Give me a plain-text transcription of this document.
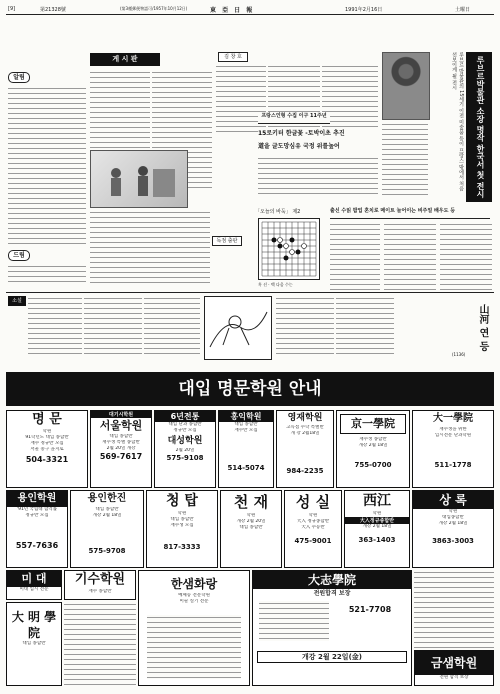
[9]	第21328號	(第3種郵便物認可/1957年10月12日)	東 亞 日 報	1991年2月16日	土曜日
알림
드림
게 시 판	김 창 호
프랑스인형 수집 이구 11주년
15로키터 한글꽃 -토박이초 추진
道을 글도망심유 국정 위를높어	루브르 박물관의 15세기 이전 미술품 등이 프랑스 밖에서 처음 선보이게 될 전시	루브르박물관 소장 명작 한국서 첫 전시
「오늘의 바둑」 제2
흑 선 · 백 다음 수는
출신 수읽 팝업 혼치로 메이트 늘어이는 비주얼 배우도 등
독점 출판
소설
山河 연 등
(1136)
대입 명문학원 안내
명 문
학원
91학년도 대입 종합반
재수 정규반 모집
서울 중구 을지로
504-3321
대기시학원
서울학원
대입 종합반
재수생 특별 종합반
2월 20일 개강
569-7617
6년전통
대입 단과 종합반
정규반 모집
대성학원
2월 20일
575-9108
홍익학원
대입 종합반
재수반 모집
514-5074
영재학원
고득점 수학 특별반
개 강 2월18일
984-2235
京一學院
재수생 종합반
개강 2월 18일
755-0700
大一學院
재수생을 위한
입시전문 단과학원
511-1778
용인학원
'91년 국립대 합격률
정규반 모집
557-7636
용인한진
대입 종합반
개강 2월 18일
575-9708
청 탑
학원
대입 종합반
재수생 모집
817-3333
천 재
학원
개강 2월 20일
대입 종합반
성 실
학원
大入 정규종합반
大入 수능반
475-9001
西江
학원
大入정규종합반
개강 2월 18일
363-1403
상 록
학원
대입종합반
개강 2월 18일
3863-3003
미 대
미대 입시 전문
기수학원
재수 종합반
大 明 學 院
대입 종합반
한샘화랑
예체능 전문학원
미술 실기 전문
大志學院
전원합격 보장
521-7708
개강 2월 22일(金)	금샘학원
전원 합격 보장
